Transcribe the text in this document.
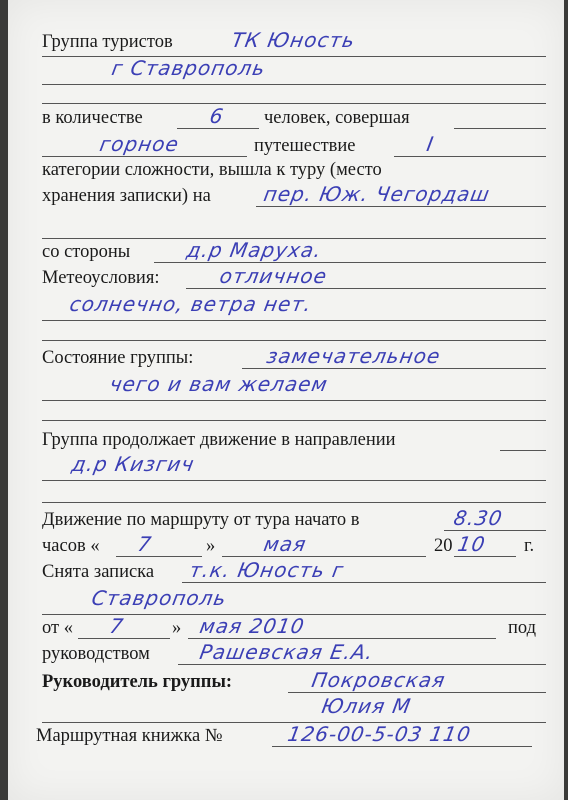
Группа туристов	ТК Юность
г Ставрополь
в количестве	6 человек, совершая
горное	путешествие	I
категории сложности, вышла к туру (место
хранения записки) на	пер. Юж. Чегордаш
со стороны	д.р Маруха.
Метеоусловия:	отличное
солнечно, ветра нет.
Состояние группы:	замечательное
чего и вам желаем
Группа продолжает движение в направлении
д.р Кизгич
Движение по маршруту от тура начато в	8.30
часов « 7	» мая	20 10 г.
Снята записка т.к. Юность г
Ставрополь
от « 7 » мая 2010	под
руководством Рашевская Е.А.
Руководитель группы:	Покровская
Юлия М
Маршрутная книжка №	126-00-5-03 110
